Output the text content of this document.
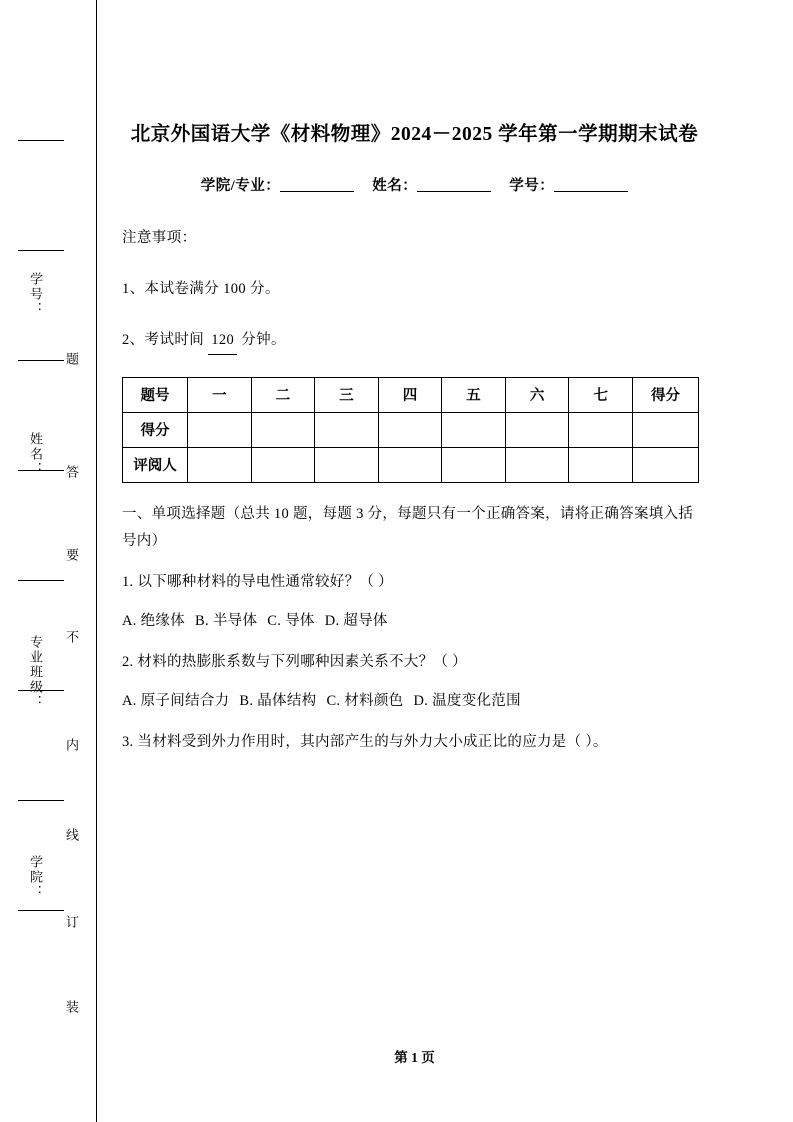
学号：
姓名：
专业班级：
学院：
题
答
要
不
内
线
订
装
北京外国语大学《材料物理》2024－2025 学年第一学期期末试卷
学院/专业：	姓名：	学号：
注意事项：
1、本试卷满分 100 分。
2、考试时间 120 分钟。
题号	一	二	三	四	五	六	七	得分
得分								
评阅人								
一、单项选择题（总共 10 题，每题 3 分，每题只有一个正确答案，请将正确答案填入括号内）
1. 以下哪种材料的导电性通常较好？（ ）
A. 绝缘体 B. 半导体 C. 导体 D. 超导体
2. 材料的热膨胀系数与下列哪种因素关系不大？（ ）
A. 原子间结合力 B. 晶体结构 C. 材料颜色 D. 温度变化范围
3. 当材料受到外力作用时，其内部产生的与外力大小成正比的应力是（ ）。
第 1 页
